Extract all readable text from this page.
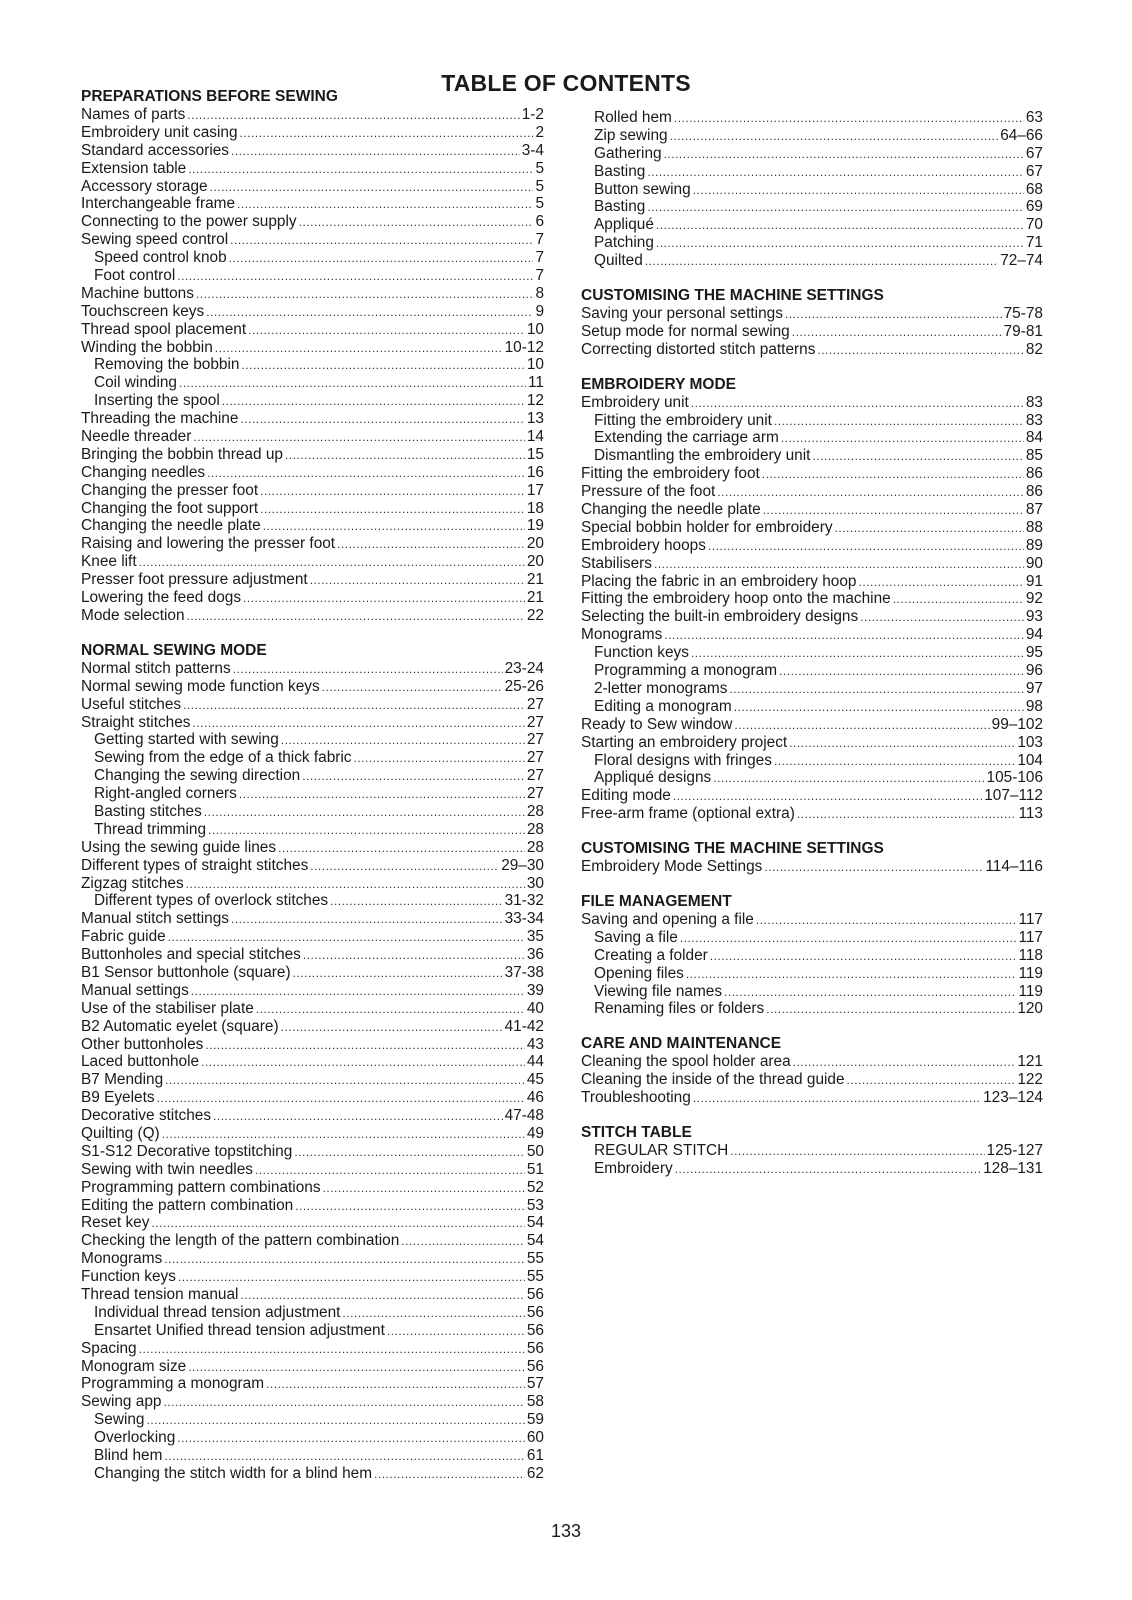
TABLE OF CONTENTS
PREPARATIONS BEFORE SEWING
Names of parts .....	1-2
Embroidery unit casing .....	2
Standard accessories .....	3-4
Extension table .....	5
Accessory storage .....	5
Interchangeable frame .....	5
Connecting to the power supply .....	6
Sewing speed control .....	7
Speed control knob .....	7
Foot control .....	7
Machine buttons .....	8
Touchscreen keys .....	9
Thread spool placement .....	10
Winding the bobbin .....	10-12
Removing the bobbin .....	10
Coil winding .....	11
Inserting the spool .....	12
Threading the machine .....	13
Needle threader .....	14
Bringing the bobbin thread up .....	15
Changing needles .....	16
Changing the presser foot .....	17
Changing the foot support .....	18
Changing the needle plate .....	19
Raising and lowering the presser foot .....	20
Knee lift .....	20
Presser foot pressure adjustment .....	21
Lowering the feed dogs .....	21
Mode selection .....	22
NORMAL SEWING MODE
Normal stitch patterns .....	23-24
Normal sewing mode function keys .....	25-26
Useful stitches .....	27
Straight stitches .....	27
Getting started with sewing .....	27
Sewing from the edge of a thick fabric .....	27
Changing the sewing direction .....	27
Right-angled corners .....	27
Basting stitches .....	28
Thread trimming .....	28
Using the sewing guide lines .....	28
Different types of straight stitches .....	29–30
Zigzag stitches .....	30
Different types of overlock stitches .....	31-32
Manual stitch settings .....	33-34
Fabric guide .....	35
Buttonholes and special stitches .....	36
B1 Sensor buttonhole (square) .....	37-38
Manual settings .....	39
Use of the stabiliser plate .....	40
B2 Automatic eyelet (square) .....	41-42
Other buttonholes .....	43
Laced buttonhole .....	44
B7 Mending .....	45
B9 Eyelets .....	46
Decorative stitches .....	47-48
Quilting (Q) .....	49
S1-S12 Decorative topstitching .....	50
Sewing with twin needles .....	51
Programming pattern combinations .....	52
Editing the pattern combination .....	53
Reset key .....	54
Checking the length of the pattern combination .....	54
Monograms .....	55
Function keys .....	55
Thread tension manual .....	56
Individual thread tension adjustment .....	56
Ensartet Unified thread tension adjustment .....	56
Spacing .....	56
Monogram size .....	56
Programming a monogram .....	57
Sewing app .....	58
Sewing .....	59
Overlocking .....	60
Blind hem .....	61
Changing the stitch width for a blind hem .....	62
Rolled hem .....	63
Zip sewing .....	64–66
Gathering .....	67
Basting .....	67
Button sewing .....	68
Basting .....	69
Appliqué .....	70
Patching .....	71
Quilted .....	72–74
CUSTOMISING THE MACHINE SETTINGS
Saving your personal settings .....	75-78
Setup mode for normal sewing .....	79-81
Correcting distorted stitch patterns .....	82
EMBROIDERY MODE
Embroidery unit .....	83
Fitting the embroidery unit .....	83
Extending the carriage arm .....	84
Dismantling the embroidery unit .....	85
Fitting the embroidery foot .....	86
Pressure of the foot .....	86
Changing the needle plate .....	87
Special bobbin holder for embroidery .....	88
Embroidery hoops .....	89
Stabilisers .....	90
Placing the fabric in an embroidery hoop .....	91
Fitting the embroidery hoop onto the machine .....	92
Selecting the built-in embroidery designs .....	93
Monograms .....	94
Function keys .....	95
Programming a monogram .....	96
2-letter monograms .....	97
Editing a monogram .....	98
Ready to Sew window .....	99–102
Starting an embroidery project .....	103
Floral designs with fringes .....	104
Appliqué designs .....	105-106
Editing mode .....	107–112
Free-arm frame (optional extra) .....	113
CUSTOMISING THE MACHINE SETTINGS
Embroidery Mode Settings .....	114–116
FILE MANAGEMENT
Saving and opening a file .....	117
Saving a file .....	117
Creating a folder .....	118
Opening files .....	119
Viewing file names .....	119
Renaming files or folders .....	120
CARE AND MAINTENANCE
Cleaning the spool holder area .....	121
Cleaning the inside of the thread guide .....	122
Troubleshooting .....	123–124
STITCH TABLE
REGULAR STITCH .....	125-127
Embroidery .....	128–131
133
